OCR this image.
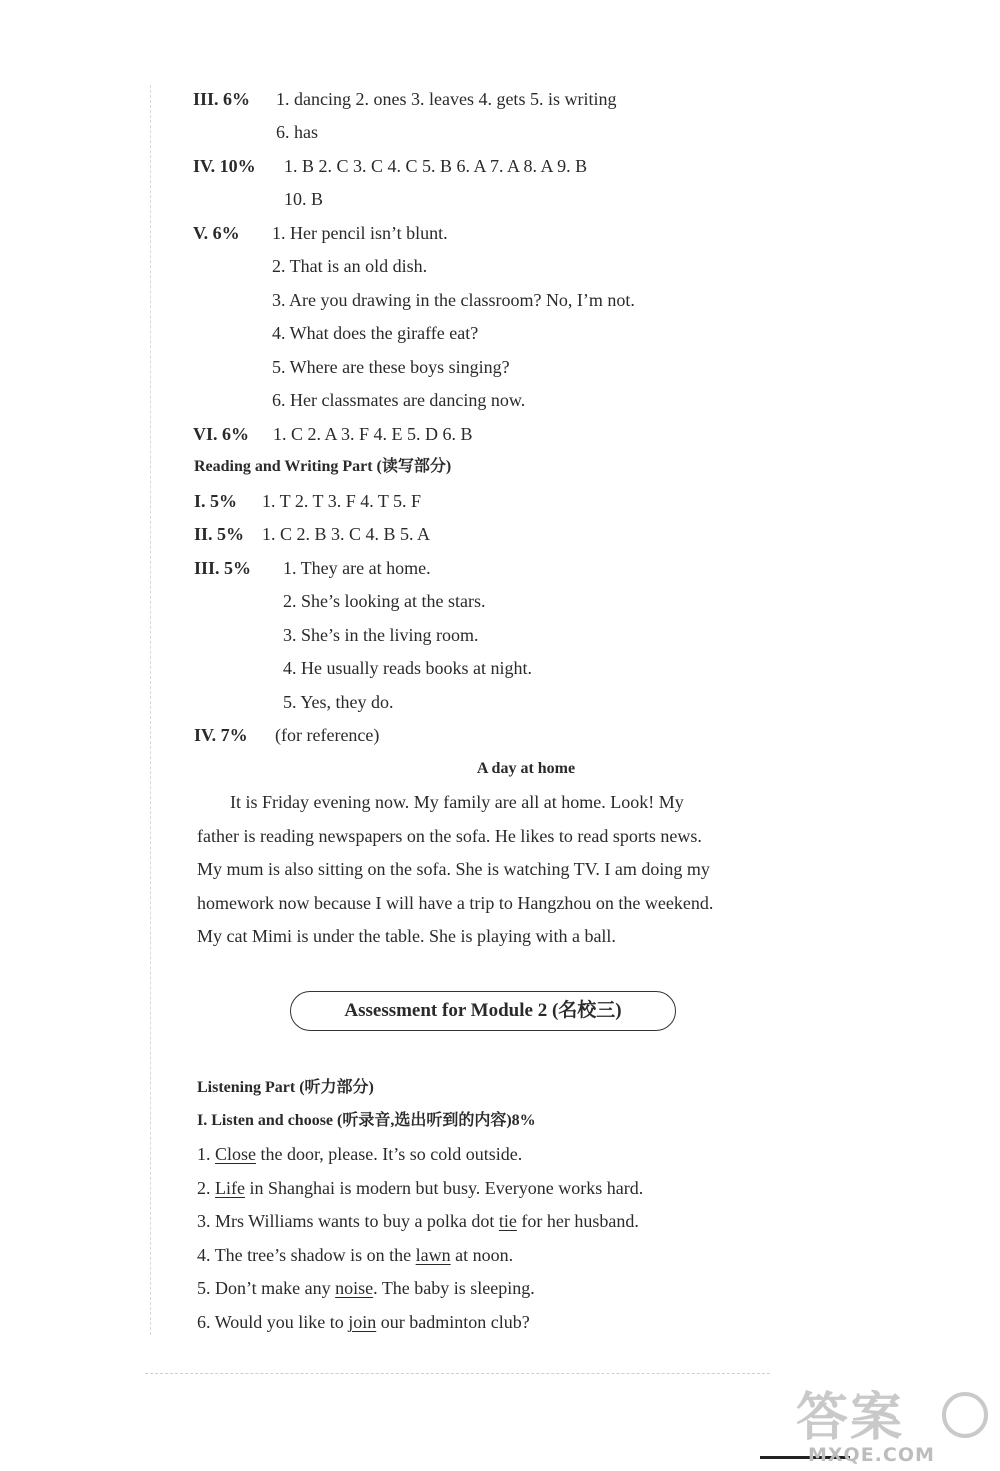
III. 6% 1. dancing 2. ones 3. leaves 4. gets 5. is writing
6. has
IV. 10% 1. B 2. C 3. C 4. C 5. B 6. A 7. A 8. A 9. B
10. B
V. 6% 1. Her pencil isn’t blunt.
2. That is an old dish.
3. Are you drawing in the classroom? No, I’m not.
4. What does the giraffe eat?
5. Where are these boys singing?
6. Her classmates are dancing now.
VI. 6% 1. C 2. A 3. F 4. E 5. D 6. B
Reading and Writing Part (读写部分)
I. 5% 1. T 2. T 3. F 4. T 5. F
II. 5% 1. C 2. B 3. C 4. B 5. A
III. 5% 1. They are at home.
2. She’s looking at the stars.
3. She’s in the living room.
4. He usually reads books at night.
5. Yes, they do.
IV. 7% (for reference)
A day at home
It is Friday evening now. My family are all at home. Look! My
father is reading newspapers on the sofa. He likes to read sports news.
My mum is also sitting on the sofa. She is watching TV. I am doing my
homework now because I will have a trip to Hangzhou on the weekend.
My cat Mimi is under the table. She is playing with a ball.
Assessment for Module 2 (名校三)
Listening Part (听力部分)
I. Listen and choose (听录音,选出听到的内容)8%
1. Close the door, please. It’s so cold outside.
2. Life in Shanghai is modern but busy. Everyone works hard.
3. Mrs Williams wants to buy a polka dot tie for her husband.
4. The tree’s shadow is on the lawn at noon.
5. Don’t make any noise. The baby is sleeping.
6. Would you like to join our badminton club?
答案
MXQE.COM
